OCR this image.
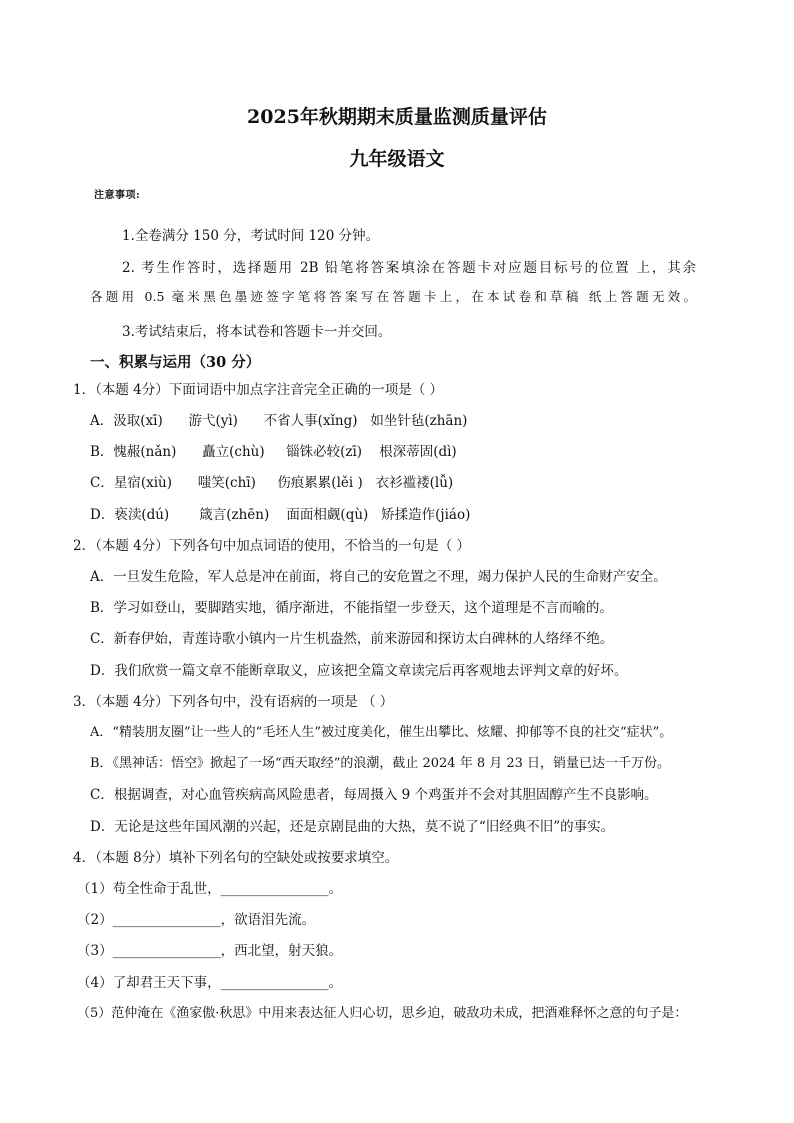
2025年秋期期末质量监测质量评估
九年级语文
注意事项:
1.全卷满分 150 分，考试时间 120 分钟。
2. 考生作答时，选择题用 2B 铅笔将答案填涂在答题卡对应题目标号的位置 上，其余
各题用 0.5 毫米黑色墨迹签字笔将答案写在答题卡上，在本试卷和草稿 纸上答题无效。
3.考试结束后，将本试卷和答题卡一并交回。
一、积累与运用（30 分）
1．（本题 4分）下面词语中加点字注音完全正确的一项是（ ）
A．汲取(xī)      游弋(yì)      不省人事(xǐng)   如坐针毡(zhān)
B．愧赧(nǎn)      矗立(chù)     锱铢必较(zī)    根深蒂固(dì)
C．星宿(xiù)      嗤笑(chī)     伤痕累累(lěi )   衣衫褴褛(lǚ)
D．亵渎(dú)       箴言(zhēn)    面面相觑(qù)   矫揉造作(jiáo)
2．（本题 4分）下列各句中加点词语的使用，不恰当的一句是（ ）
A．一旦发生危险，军人总是冲在前面，将自己的安危置之不理，竭力保护人民的生命财产安全。
B．学习如登山，要脚踏实地，循序渐进，不能指望一步登天，这个道理是不言而喻的。
C．新春伊始，青莲诗歌小镇内一片生机盎然，前来游园和探访太白碑林的人络绎不绝。
D．我们欣赏一篇文章不能断章取义，应该把全篇文章读完后再客观地去评判文章的好坏。
3．（本题 4分）下列各句中，没有语病的一项是 （ ）
A．“精装朋友圈”让一些人的“毛坯人生”被过度美化，催生出攀比、炫耀、抑郁等不良的社交“症状”。
B．《黑神话：悟空》掀起了一场“西天取经”的浪潮，截止 2024 年 8 月 23 日，销量已达一千万份。
C．根据调查，对心血管疾病高风险患者，每周摄入 9 个鸡蛋并不会对其胆固醇产生不良影响。
D．无论是这些年国风潮的兴起，还是京剧昆曲的大热，莫不说了“旧经典不旧”的事实。
4．（本题 8分）填补下列名句的空缺处或按要求填空。
（1）苟全性命于乱世，________________。
（2）________________，欲语泪先流。
（3）________________，西北望，射天狼。
（4）了却君王天下事，________________。
（5）范仲淹在《渔家傲·秋思》中用来表达征人归心切，思乡迫，破敌功未成，把酒难释怀之意的句子是：
